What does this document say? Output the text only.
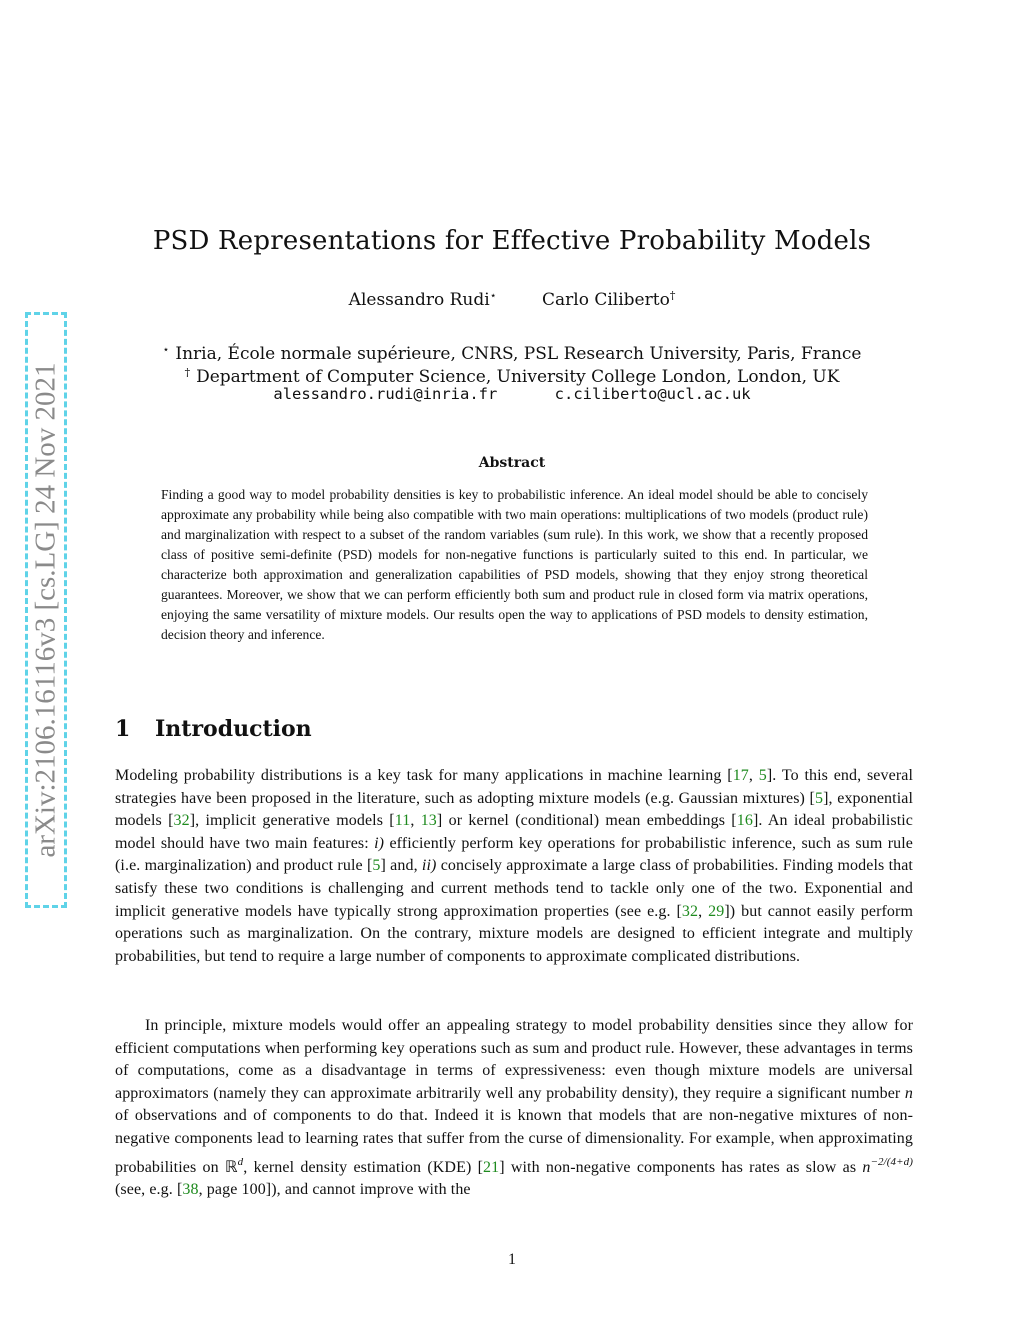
arXiv:2106.16116v3 [cs.LG] 24 Nov 2021
PSD Representations for Effective Probability Models
Alessandro Rudi⋆	Carlo Ciliberto†
⋆ Inria, École normale supérieure, CNRS, PSL Research University, Paris, France
† Department of Computer Science, University College London, London, UK
alessandro.rudi@inria.fr	c.ciliberto@ucl.ac.uk
Abstract
Finding a good way to model probability densities is key to probabilistic inference. An ideal model should be able to concisely approximate any probability while being also compatible with two main operations: multiplications of two models (product rule) and marginalization with respect to a subset of the random variables (sum rule). In this work, we show that a recently proposed class of positive semi-definite (PSD) models for non-negative functions is particularly suited to this end. In particular, we characterize both approximation and generalization capabilities of PSD models, showing that they enjoy strong theoretical guarantees. Moreover, we show that we can perform efficiently both sum and product rule in closed form via matrix operations, enjoying the same versatility of mixture models. Our results open the way to applications of PSD models to density estimation, decision theory and inference.
1 Introduction
Modeling probability distributions is a key task for many applications in machine learning [17, 5]. To this end, several strategies have been proposed in the literature, such as adopting mixture models (e.g. Gaussian mixtures) [5], exponential models [32], implicit generative models [11, 13] or kernel (conditional) mean embeddings [16]. An ideal probabilistic model should have two main features: i) efficiently perform key operations for probabilistic inference, such as sum rule (i.e. marginalization) and product rule [5] and, ii) concisely approximate a large class of probabilities. Finding models that satisfy these two conditions is challenging and current methods tend to tackle only one of the two. Exponential and implicit generative models have typically strong approximation properties (see e.g. [32, 29]) but cannot easily perform operations such as marginalization. On the contrary, mixture models are designed to efficient integrate and multiply probabilities, but tend to require a large number of components to approximate complicated distributions.
In principle, mixture models would offer an appealing strategy to model probability densities since they allow for efficient computations when performing key operations such as sum and product rule. However, these advantages in terms of computations, come as a disadvantage in terms of expressiveness: even though mixture models are universal approximators (namely they can approximate arbitrarily well any probability density), they require a significant number n of observations and of components to do that. Indeed it is known that models that are non-negative mixtures of non-negative components lead to learning rates that suffer from the curse of dimensionality. For example, when approximating probabilities on ℝ$^d$, kernel density estimation (KDE) [21] with non-negative components has rates as slow as $n^{-2/(4+d)}$ (see, e.g. [38, page 100]), and cannot improve with the
1
